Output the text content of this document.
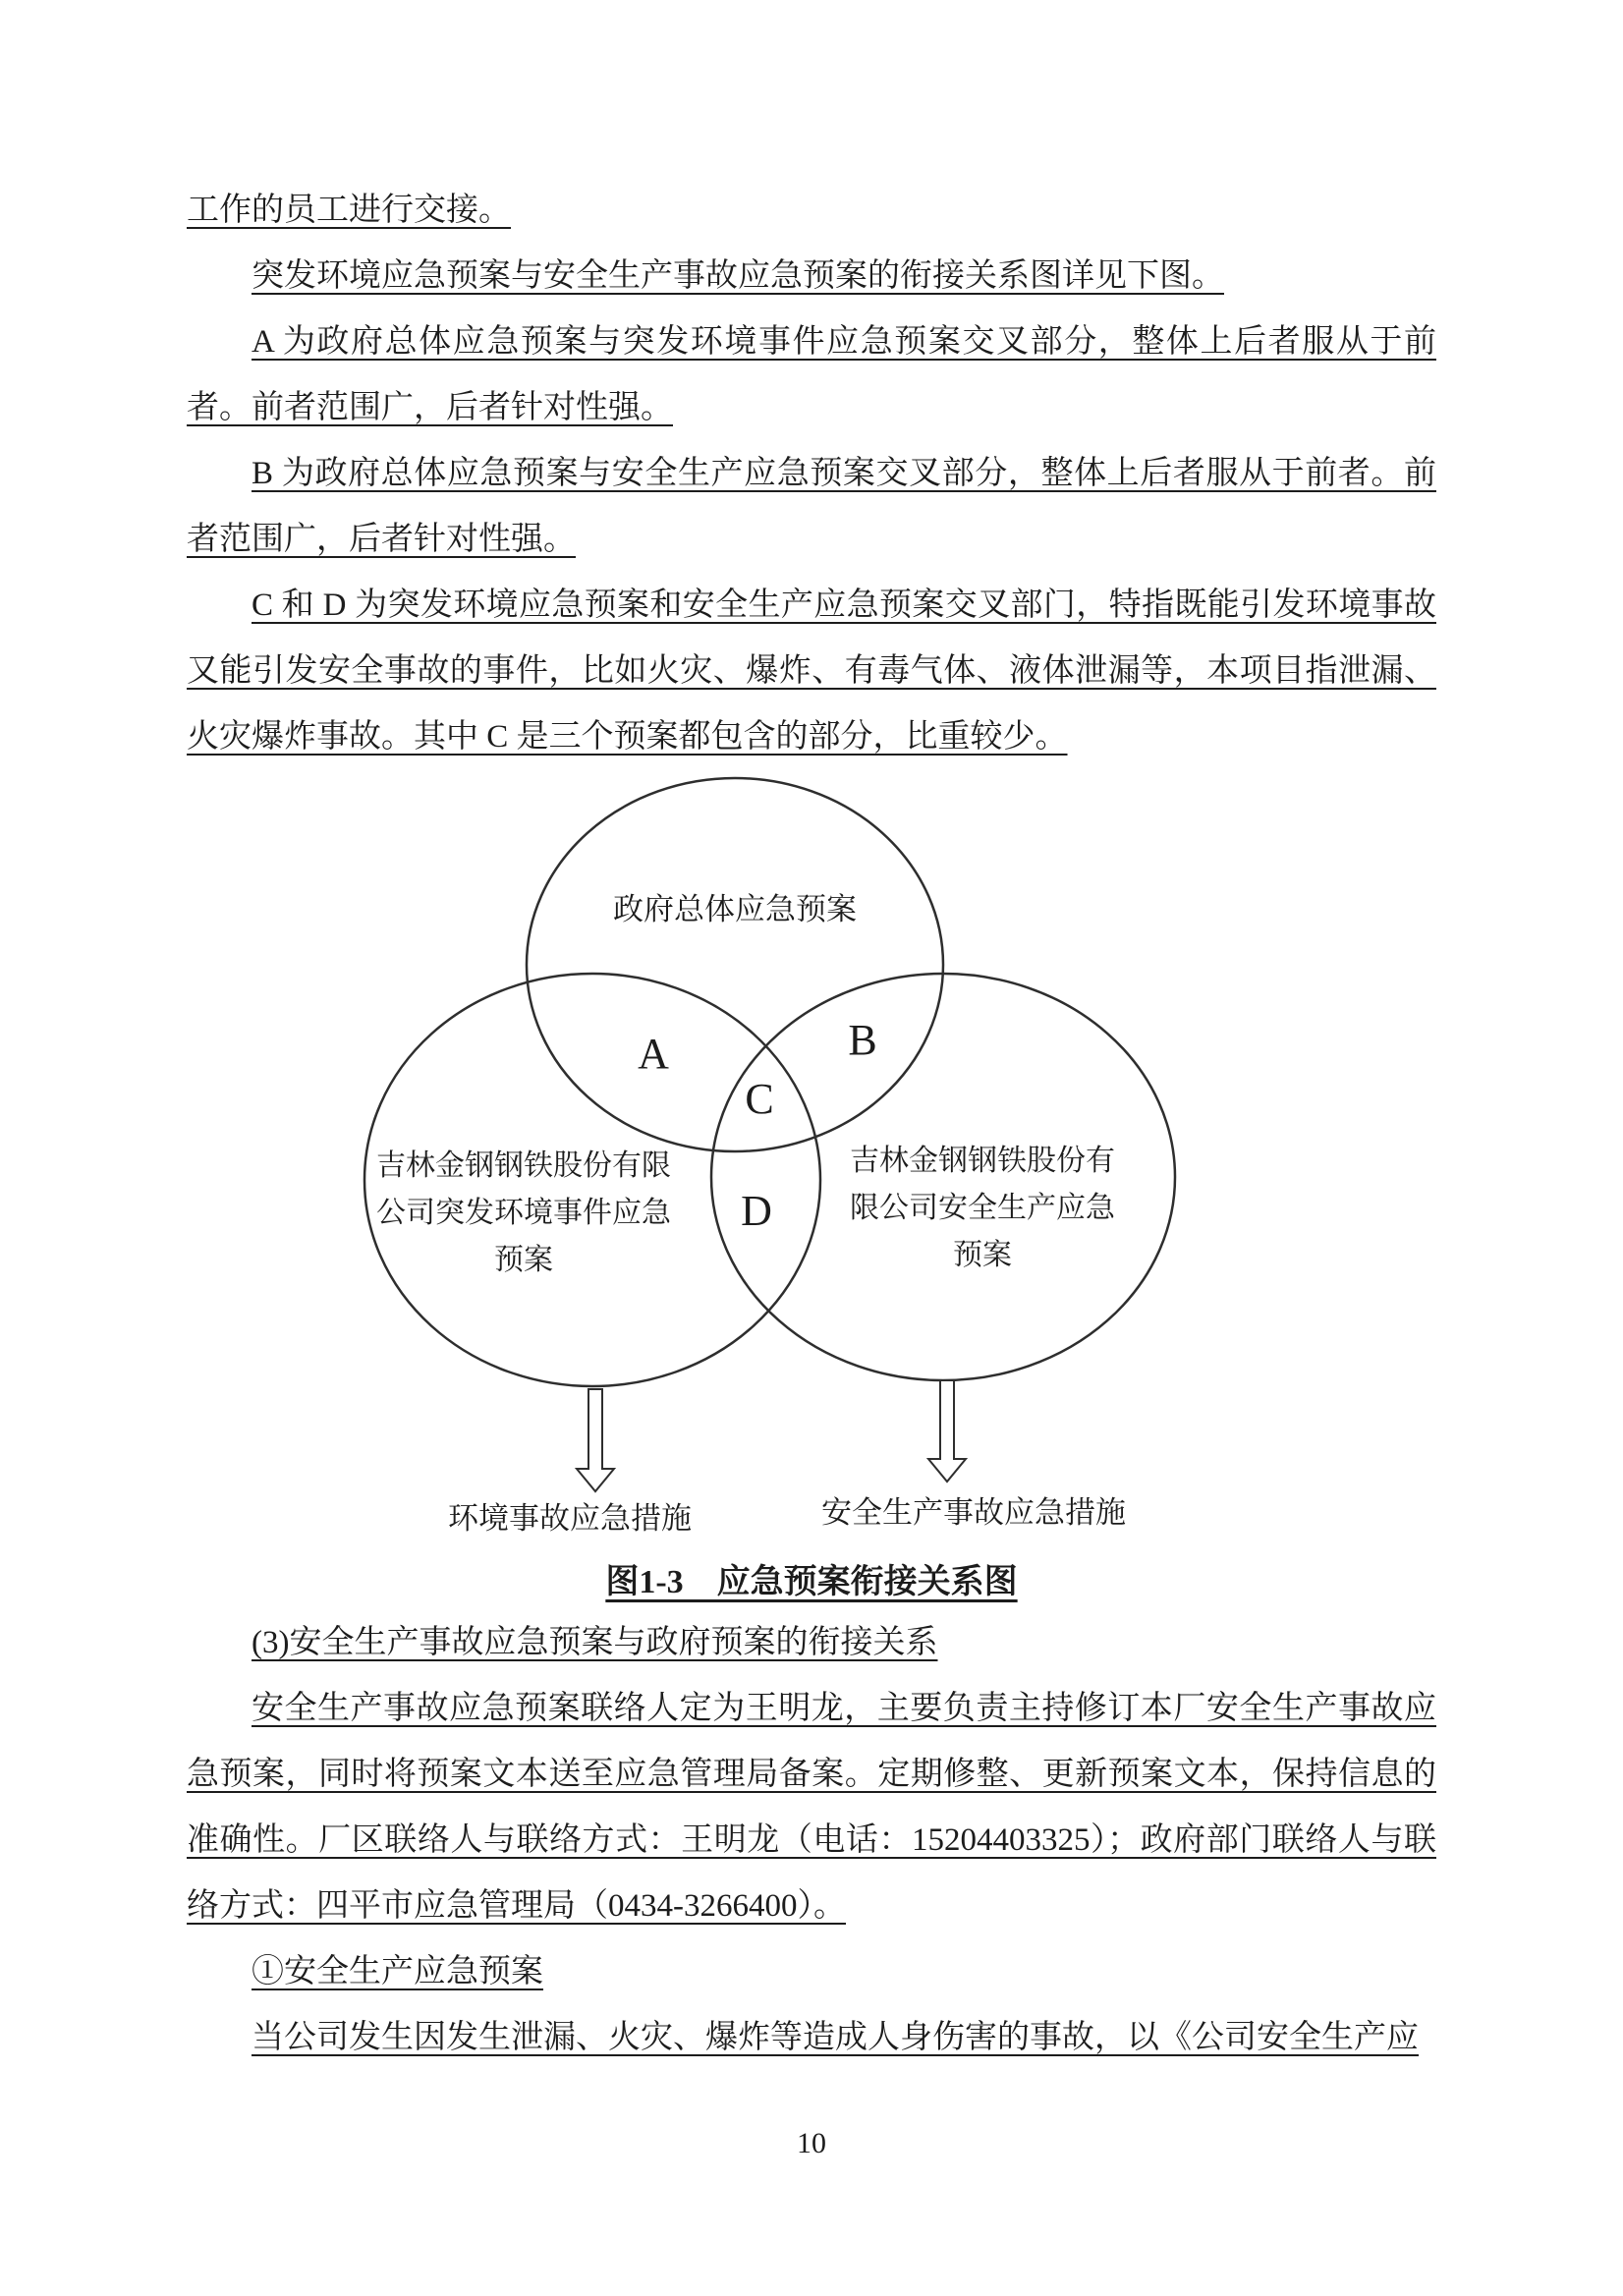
工作的员工进行交接。

突发环境应急预案与安全生产事故应急预案的衔接关系图详见下图。

A 为政府总体应急预案与突发环境事件应急预案交叉部分，整体上后者服从于前者。前者范围广，后者针对性强。

B 为政府总体应急预案与安全生产应急预案交叉部分，整体上后者服从于前者。前者范围广，后者针对性强。

C 和 D 为突发环境应急预案和安全生产应急预案交叉部门，特指既能引发环境事故又能引发安全事故的事件，比如火灾、爆炸、有毒气体、液体泄漏等，本项目指泄漏、火灾爆炸事故。其中 C 是三个预案都包含的部分，比重较少。

政府总体应急预案
吉林金钢钢铁股份有限
公司突发环境事件应急
预案
吉林金钢钢铁股份有
限公司安全生产应急
预案
A	B
C
D
环境事故应急措施	安全生产事故应急措施
图1-3　应急预案衔接关系图

(3)安全生产事故应急预案与政府预案的衔接关系

安全生产事故应急预案联络人定为王明龙，主要负责主持修订本厂安全生产事故应急预案，同时将预案文本送至应急管理局备案。定期修整、更新预案文本，保持信息的准确性。厂区联络人与联络方式：王明龙（电话：15204403325）；政府部门联络人与联络方式：四平市应急管理局（0434-3266400）。

①安全生产应急预案

当公司发生因发生泄漏、火灾、爆炸等造成人身伤害的事故，以《公司安全生产应

10
